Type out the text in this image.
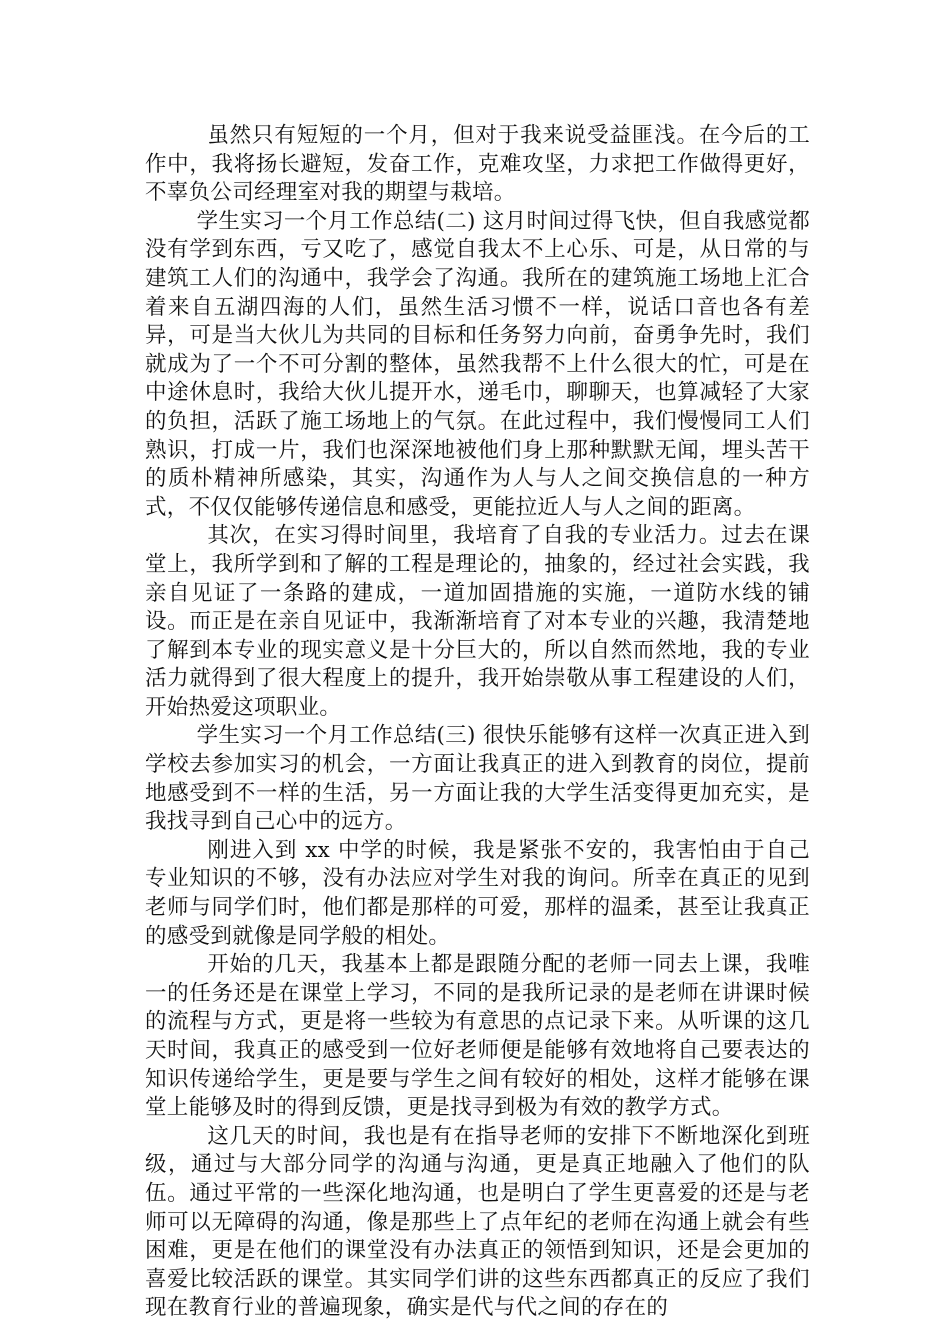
虽然只有短短的一个月，但对于我来说受益匪浅。在今后的工作中，我将扬长避短，发奋工作，克难攻坚，力求把工作做得更好，不辜负公司经理室对我的期望与栽培。

学生实习一个月工作总结(二) 这月时间过得飞快，但自我感觉都没有学到东西，亏又吃了，感觉自我太不上心乐、可是，从日常的与建筑工人们的沟通中，我学会了沟通。我所在的建筑施工场地上汇合着来自五湖四海的人们，虽然生活习惯不一样，说话口音也各有差异，可是当大伙儿为共同的目标和任务努力向前，奋勇争先时，我们就成为了一个不可分割的整体，虽然我帮不上什么很大的忙，可是在中途休息时，我给大伙儿提开水，递毛巾，聊聊天，也算减轻了大家的负担，活跃了施工场地上的气氛。在此过程中，我们慢慢同工人们熟识，打成一片，我们也深深地被他们身上那种默默无闻，埋头苦干的质朴精神所感染，其实，沟通作为人与人之间交换信息的一种方式，不仅仅能够传递信息和感受，更能拉近人与人之间的距离。

其次，在实习得时间里，我培育了自我的专业活力。过去在课堂上，我所学到和了解的工程是理论的，抽象的，经过社会实践，我亲自见证了一条路的建成，一道加固措施的实施，一道防水线的铺设。而正是在亲自见证中，我渐渐培育了对本专业的兴趣，我清楚地了解到本专业的现实意义是十分巨大的，所以自然而然地，我的专业活力就得到了很大程度上的提升，我开始崇敬从事工程建设的人们，开始热爱这项职业。

学生实习一个月工作总结(三) 很快乐能够有这样一次真正进入到学校去参加实习的机会，一方面让我真正的进入到教育的岗位，提前地感受到不一样的生活，另一方面让我的大学生活变得更加充实，是我找寻到自己心中的远方。

刚进入到 xx 中学的时候，我是紧张不安的，我害怕由于自己专业知识的不够，没有办法应对学生对我的询问。所幸在真正的见到老师与同学们时，他们都是那样的可爱，那样的温柔，甚至让我真正的感受到就像是同学般的相处。

开始的几天，我基本上都是跟随分配的老师一同去上课，我唯一的任务还是在课堂上学习，不同的是我所记录的是老师在讲课时候的流程与方式，更是将一些较为有意思的点记录下来。从听课的这几天时间，我真正的感受到一位好老师便是能够有效地将自己要表达的知识传递给学生，更是要与学生之间有较好的相处，这样才能够在课堂上能够及时的得到反馈，更是找寻到极为有效的教学方式。

这几天的时间，我也是有在指导老师的安排下不断地深化到班级，通过与大部分同学的沟通与沟通，更是真正地融入了他们的队伍。通过平常的一些深化地沟通，也是明白了学生更喜爱的还是与老师可以无障碍的沟通，像是那些上了点年纪的老师在沟通上就会有些困难，更是在他们的课堂没有办法真正的领悟到知识，还是会更加的喜爱比较活跃的课堂。其实同学们讲的这些东西都真正的反应了我们现在教育行业的普遍现象，确实是代与代之间的存在的
